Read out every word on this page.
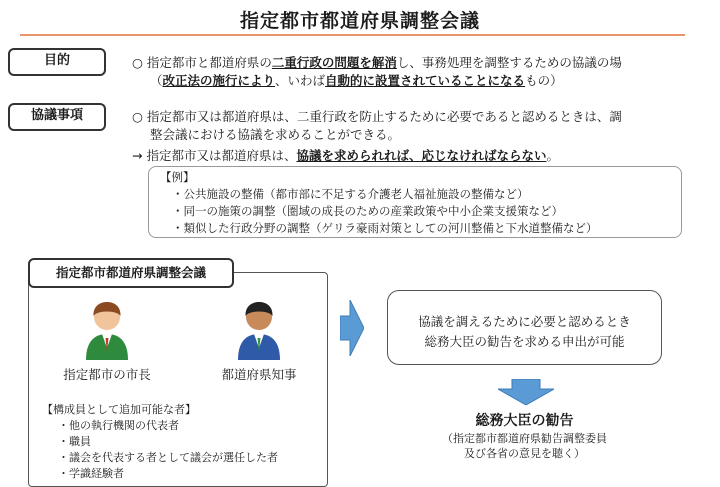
指定都市都道府県調整会議
目的	○ 指定都市と都道府県の二重行政の問題を解消し、事務処理を調整するための協議の場
（改正法の施行により、いわば自動的に設置されていることになるもの）
協議事項	○ 指定都市又は都道府県は、二重行政を防止するために必要であると認めるときは、調
整会議における協議を求めることができる。
→ 指定都市又は都道府県は、協議を求められれば、応じなければならない。
【例】
・公共施設の整備（都市部に不足する介護老人福祉施設の整備など）
・同一の施策の調整（圏域の成長のための産業政策や中小企業支援策など）
・類似した行政分野の調整（ゲリラ豪雨対策としての河川整備と下水道整備など）
指定都市都道府県調整会議
指定都市の市長	都道府県知事
【構成員として追加可能な者】
・他の執行機関の代表者
・職員
・議会を代表する者として議会が選任した者
・学識経験者
協議を調えるために必要と認めるとき
総務大臣の勧告を求める申出が可能
総務大臣の勧告
（指定都市都道府県勧告調整委員
及び各省の意見を聴く）
